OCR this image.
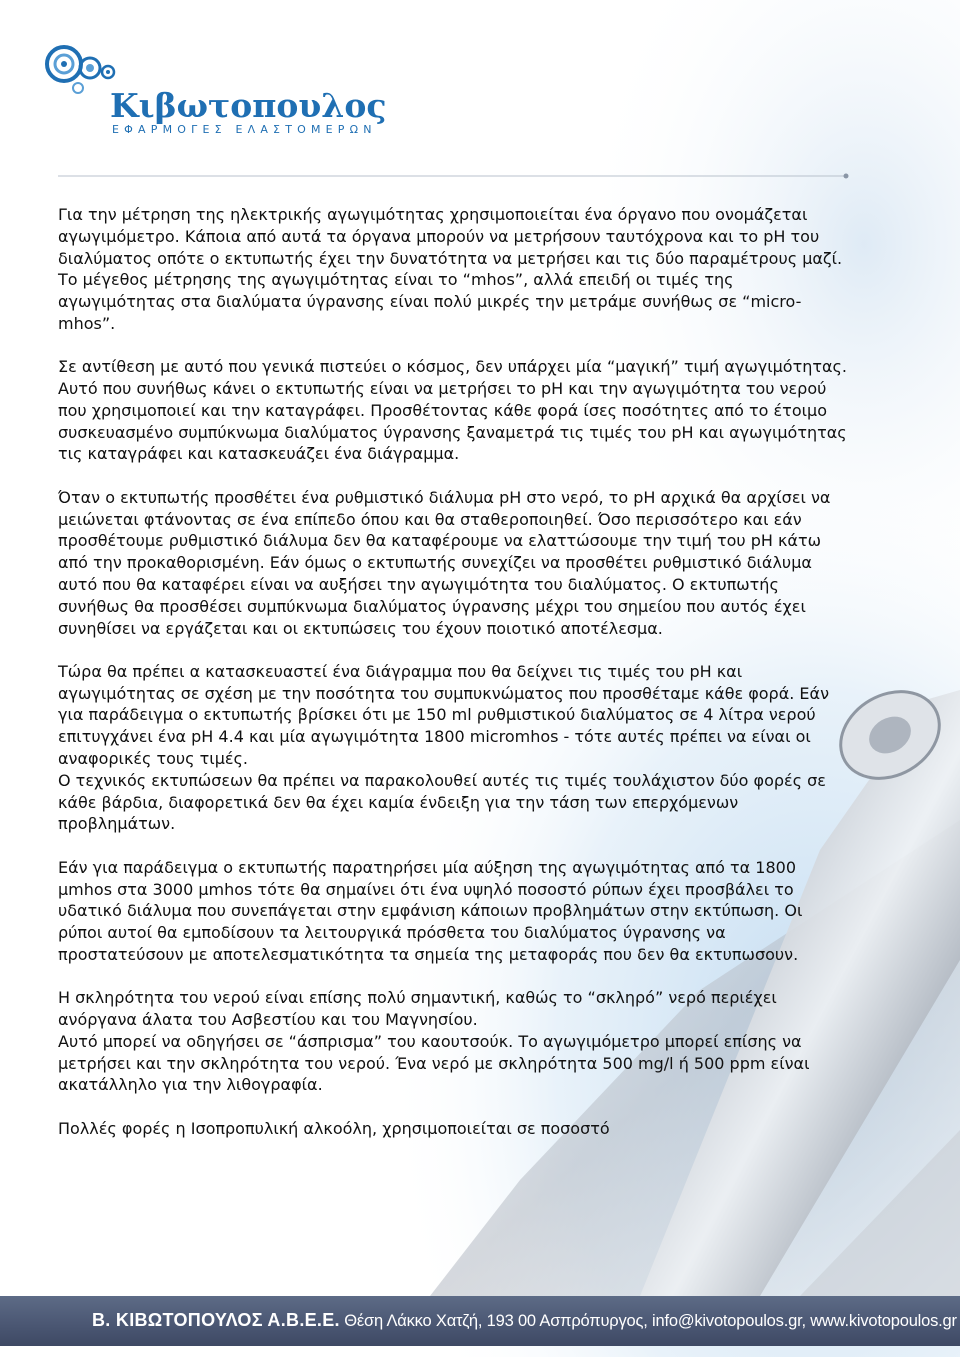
Κιβωτοπουλος
ΕΦΑΡΜΟΓΕΣ ΕΛΑΣΤΟΜΕΡΩΝ

Για την μέτρηση της ηλεκτρικής αγωγιμότητας χρησιμοποιείται ένα όργανο που ονομάζεται αγωγιμόμετρο. Κάποια από αυτά τα όργανα μπορούν να μετρήσουν ταυτόχρονα και το pH του διαλύματος οπότε ο εκτυπωτής έχει την δυνατότητα να μετρήσει και τις δύο παραμέτρους μαζί. Το μέγεθος μέτρησης της αγωγιμότητας είναι το “mhos”, αλλά επειδή οι τιμές της αγωγιμότητας στα διαλύματα ύγρανσης είναι πολύ μικρές την μετράμε συνήθως σε “micro-mhos”.

Σε αντίθεση με αυτό που γενικά πιστεύει ο κόσμος, δεν υπάρχει μία “μαγική” τιμή αγωγιμότητας. Αυτό που συνήθως κάνει ο εκτυπωτής είναι να μετρήσει το pH και την αγωγιμότητα του νερού που χρησιμοποιεί και την καταγράφει. Προσθέτοντας κάθε φορά ίσες ποσότητες από το έτοιμο συσκευασμένο συμπύκνωμα διαλύματος ύγρανσης ξαναμετρά τις τιμές του pH και αγωγιμότητας τις καταγράφει και κατασκευάζει ένα διάγραμμα.

Όταν ο εκτυπωτής προσθέτει ένα ρυθμιστικό διάλυμα pH στο νερό, το pH αρχικά θα αρχίσει να μειώνεται φτάνοντας σε ένα επίπεδο όπου και θα σταθεροποιηθεί. Όσο περισσότερο και εάν προσθέτουμε ρυθμιστικό διάλυμα δεν θα καταφέρουμε να ελαττώσουμε την τιμή του pH κάτω από την προκαθορισμένη. Εάν όμως ο εκτυπωτής συνεχίζει να προσθέτει ρυθμιστικό διάλυμα αυτό που θα καταφέρει είναι να αυξήσει την αγωγιμότητα του διαλύματος. Ο εκτυπωτής συνήθως θα προσθέσει συμπύκνωμα διαλύματος ύγρανσης μέχρι του σημείου που αυτός έχει συνηθίσει να εργάζεται και οι εκτυπώσεις του έχουν ποιοτικό αποτέλεσμα.

Τώρα θα πρέπει α κατασκευαστεί ένα διάγραμμα που θα δείχνει τις τιμές του pH και αγωγιμότητας σε σχέση με την ποσότητα του συμπυκνώματος που προσθέταμε κάθε φορά. Εάν για παράδειγμα ο εκτυπωτής βρίσκει ότι με 150 ml ρυθμιστικού διαλύματος σε 4 λίτρα νερού επιτυγχάνει ένα pH 4.4 και μία αγωγιμότητα 1800 micromhos - τότε αυτές πρέπει να είναι οι αναφορικές τους τιμές.
Ο τεχνικός εκτυπώσεων θα πρέπει να παρακολουθεί αυτές τις τιμές τουλάχιστον δύο φορές σε κάθε βάρδια, διαφορετικά δεν θα έχει καμία ένδειξη για την τάση των επερχόμενων προβλημάτων.

Εάν για παράδειγμα ο εκτυπωτής παρατηρήσει μία αύξηση της αγωγιμότητας από τα 1800 μmhos στα 3000 μmhos τότε θα σημαίνει ότι ένα υψηλό ποσοστό ρύπων έχει προσβάλει το υδατικό διάλυμα που συνεπάγεται στην εμφάνιση κάποιων προβλημάτων στην εκτύπωση. Οι ρύποι αυτοί θα εμποδίσουν τα λειτουργικά πρόσθετα του διαλύματος ύγρανσης να προστατεύσουν με αποτελεσματικότητα τα σημεία της μεταφοράς που δεν θα εκτυπωσουν.

Η σκληρότητα του νερού είναι επίσης πολύ σημαντική, καθώς το “σκληρό” νερό περιέχει ανόργανα άλατα του Ασβεστίου και του Μαγνησίου.
Αυτό μπορεί να οδηγήσει σε “άσπρισμα” του καουτσούκ. Το αγωγιμόμετρο μπορεί επίσης να μετρήσει και την σκληρότητα του νερού. Ένα νερό με σκληρότητα 500 mg/l ή 500 ppm είναι ακατάλληλο για την λιθογραφία.

Πολλές φορές η Ισοπροπυλική αλκοόλη, χρησιμοποιείται σε ποσοστό

Β. ΚΙΒΩΤΟΠΟΥΛΟΣ Α.Β.Ε.Ε. Θέση Λάκκο Χατζή, 193 00 Ασπρόπυργος, info@kivotopoulos.gr, www.kivotopoulos.gr
